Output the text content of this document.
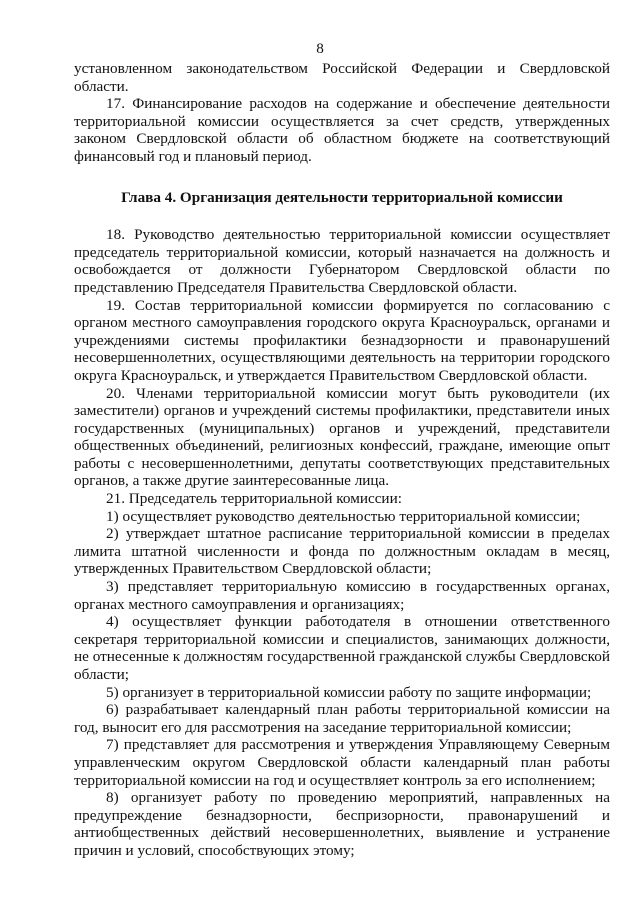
8

установленном законодательством Российской Федерации и Свердловской области.

17. Финансирование расходов на содержание и обеспечение деятельности территориальной комиссии осуществляется за счет средств, утвержденных законом Свердловской области об областном бюджете на соответствующий финансовый год и плановый период.

Глава 4. Организация деятельности территориальной комиссии

18. Руководство деятельностью территориальной комиссии осуществляет председатель территориальной комиссии, который назначается на должность и освобождается от должности Губернатором Свердловской области по представлению Председателя Правительства Свердловской области.

19. Состав территориальной комиссии формируется по согласованию с органом местного самоуправления городского округа Красноуральск, органами и учреждениями системы профилактики безнадзорности и правонарушений несовершеннолетних, осуществляющими деятельность на территории городского округа Красноуральск, и утверждается Правительством Свердловской области.

20. Членами территориальной комиссии могут быть руководители (их заместители) органов и учреждений системы профилактики, представители иных государственных (муниципальных) органов и учреждений, представители общественных объединений, религиозных конфессий, граждане, имеющие опыт работы с несовершеннолетними, депутаты соответствующих представительных органов, а также другие заинтересованные лица.

21. Председатель территориальной комиссии:

1) осуществляет руководство деятельностью территориальной комиссии;

2) утверждает штатное расписание территориальной комиссии в пределах лимита штатной численности и фонда по должностным окладам в месяц, утвержденных Правительством Свердловской области;

3) представляет территориальную комиссию в государственных органах, органах местного самоуправления и организациях;

4) осуществляет функции работодателя в отношении ответственного секретаря территориальной комиссии и специалистов, занимающих должности, не отнесенные к должностям государственной гражданской службы Свердловской области;

5) организует в территориальной комиссии работу по защите информации;

6) разрабатывает календарный план работы территориальной комиссии на год, выносит его для рассмотрения на заседание территориальной комиссии;

7) представляет для рассмотрения и утверждения Управляющему Северным управленческим округом Свердловской области календарный план работы территориальной комиссии на год и осуществляет контроль за его исполнением;

8) организует работу по проведению мероприятий, направленных на предупреждение безнадзорности, беспризорности, правонарушений и антиобщественных действий несовершеннолетних, выявление и устранение причин и условий, способствующих этому;
